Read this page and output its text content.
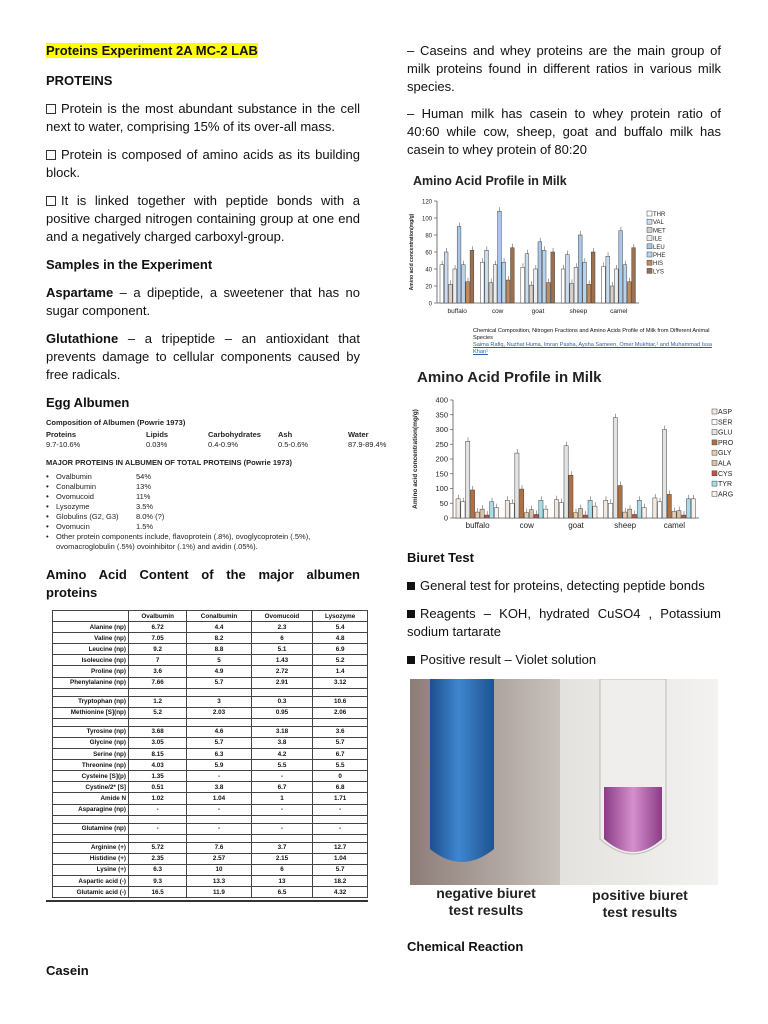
Proteins Experiment 2A MC-2 LAB
PROTEINS
Protein is the most abundant substance in the cell next to water, comprising 15% of its over-all mass.
Protein is composed of amino acids as its building block.
It is linked together with peptide bonds with a positive charged nitrogen containing group at one end and a negatively charged carboxyl-group.
Samples in the Experiment
Aspartame – a dipeptide, a sweetener that has no sugar component.
Glutathione – a tripeptide – an antioxidant that prevents damage to cellular components caused by free radicals.
Egg Albumen
Composition of Albumen (Powrie 1973)
Proteins	Lipids	Carbohydrates	Ash	Water
9.7-10.6%	0.03%	0.4-0.9%	0.5-0.6%	87.9-89.4%
MAJOR PROTEINS IN ALBUMEN OF TOTAL PROTEINS (Powrie 1973)
• Ovalbumin	54%
• Conalbumin	13%
• Ovomucoid	11%
• Lysozyme	3.5%
• Globulins (G2, G3)	8.0% (?)
• Ovomucin	1.5%
• Other protein components include, flavoprotein (.8%), ovoglycoprotein (.5%), ovomacroglobulin (.5%) ovoinhibitor (.1%) and avidin (.05%).
Amino Acid Content of the major albumen proteins
	Ovalbumin	Conalbumin	Ovomucoid	Lysozyme
Alanine (np)	6.72	4.4	2.3	5.4
Valine (np)	7.05	8.2	6	4.8
Leucine (np)	9.2	8.8	5.1	6.9
Isoleucine (np)	7	5	1.43	5.2
Proline (np)	3.6	4.9	2.72	1.4
Phenylalanine (np)	7.66	5.7	2.91	3.12

Tryptophan (np)	1.2	3	0.3	10.6
Methionine [S](np)	5.2	2.03	0.95	2.06

Tyrosine (np)	3.68	4.6	3.18	3.6
Glycine (np)	3.05	5.7	3.8	5.7
Serine (np)	8.15	6.3	4.2	6.7
Threonine (np)	4.03	5.9	5.5	5.5
Cysteine [S](p)	1.35	-	-	0
Cystine/2* [S]	0.51	3.8	6.7	6.8
Amide N	1.02	1.04	1	1.71
Asparagine (np)	-	-	-	-

Glutamine (np)	-	-	-	-

Arginine (+)	5.72	7.6	3.7	12.7
Histidine (+)	2.35	2.57	2.15	1.04
Lysine (+)	6.3	10	6	5.7
Aspartic acid (-)	9.3	13.3	13	18.2
Glutamic acid (-)	16.5	11.9	6.5	4.32
Casein
– Caseins and whey proteins are the main group of milk proteins found in different ratios in various milk species.
– Human milk has casein to whey protein ratio of 40:60 while cow, sheep, goat and buffalo milk has casein to whey protein of 80:20
Amino Acid Profile in Milk
0
20
40
60
80
100
120
Amino acid concentration(mg/g)
buffalo	cow	goat	sheep	camel
THR
VAL
MET
ILE
LEU
PHE
HIS
LYS
Chemical Composition, Nitrogen Fractions and Amino Acids Profile of Milk from Different Animal Species
Saima Rafiq, Nuzhat Huma, Imran Pasha, Aysha Sameen, Omer Mukhtar,¹ and Muhammad Issa Khan¹
Amino Acid Profile in Milk
0
50
100
150
200
250
300
350
400
Amino acid concentration(mg/g)
buffalo	cow	goat	sheep	camel
ASP
SER
GLU
PRO
GLY
ALA
CYS
TYR
ARG
Biuret Test
General test for proteins, detecting peptide bonds
Reagents – KOH, hydrated CuSO4 , Potassium sodium tartarate
Positive result – Violet solution
negative biuret
test results
positive biuret
test results
Chemical Reaction
